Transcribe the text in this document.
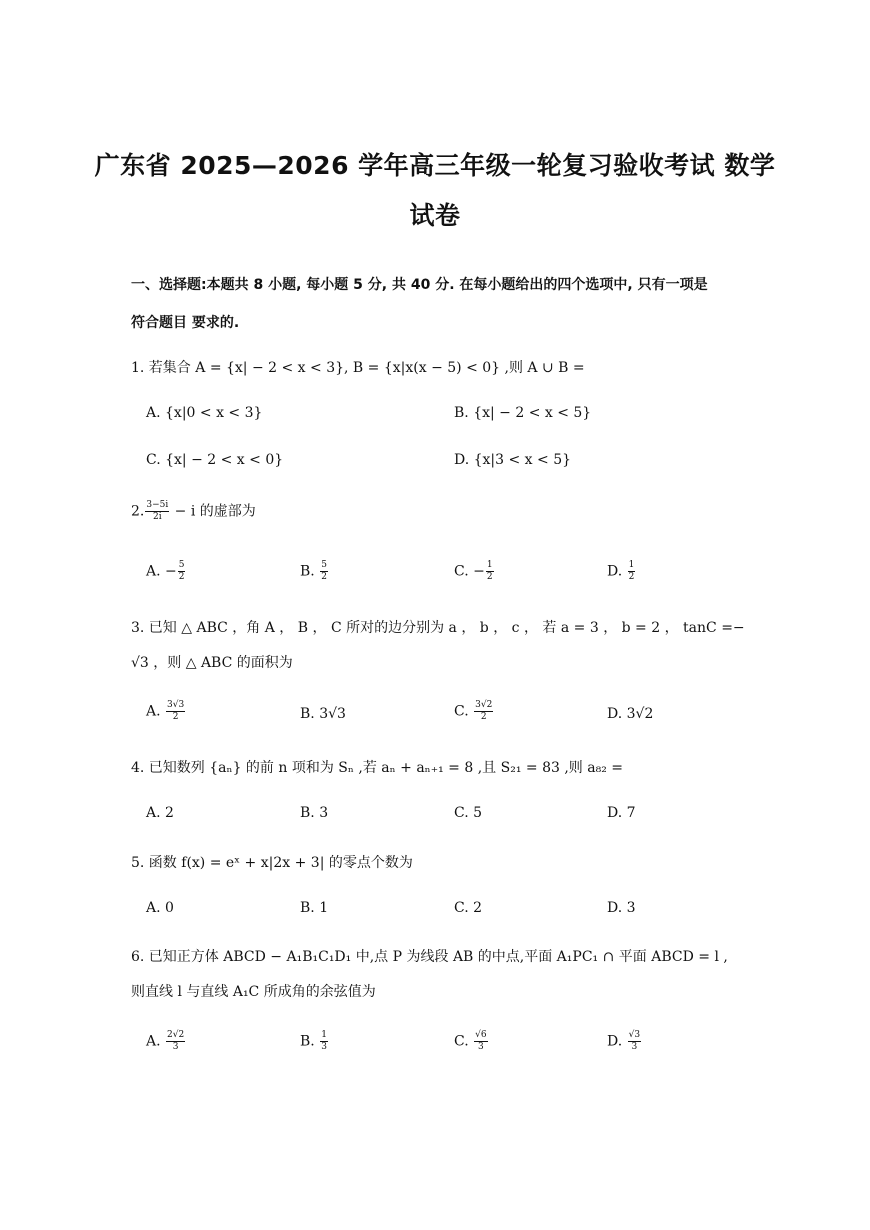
广东省 2025—2026 学年高三年级一轮复习验收考试 数学
试卷
一、选择题:本题共 8 小题, 每小题 5 分, 共 40 分. 在每小题给出的四个选项中, 只有一项是
符合题目 要求的.
1. 若集合 A = {x| − 2 < x < 3}, B = {x|x(x − 5) < 0} ,则 A ∪ B =
A. {x|0 < x < 3}	B. {x| − 2 < x < 5}
C. {x| − 2 < x < 0}	D. {x|3 < x < 5}
2. $\frac{3-5i}{2i} - i$ 的虚部为
A. − $\frac{5}{2}$	B. $\frac{5}{2}$	C. − $\frac{1}{2}$	D. $\frac{1}{2}$
3. 已知 △ ABC ，角 A ， B ， C 所对的边分别为 a ， b ， c ， 若 a = 3 ， b = 2 ， tanC =−
√3 ，则 △ ABC 的面积为
A. $\frac{3√3}{2}$	B. 3√3	C. $\frac{3√2}{2}$	D. 3√2
4. 已知数列 {aₙ} 的前 n 项和为 Sₙ ,若 aₙ + aₙ₊₁ = 8 ,且 S₂₁ = 83 ,则 a₈₂ =
A. 2	B. 3	C. 5	D. 7
5. 函数 f(x) = eˣ + x|2x + 3| 的零点个数为
A. 0	B. 1	C. 2	D. 3
6. 已知正方体 ABCD − A₁B₁C₁D₁ 中,点 P 为线段 AB 的中点,平面 A₁PC₁ ∩ 平面 ABCD = l ,
则直线 l 与直线 A₁C 所成角的余弦值为
A. $\frac{2√2}{3}$	B. $\frac{1}{3}$	C. $\frac{√6}{3}$	D. $\frac{√3}{3}$
